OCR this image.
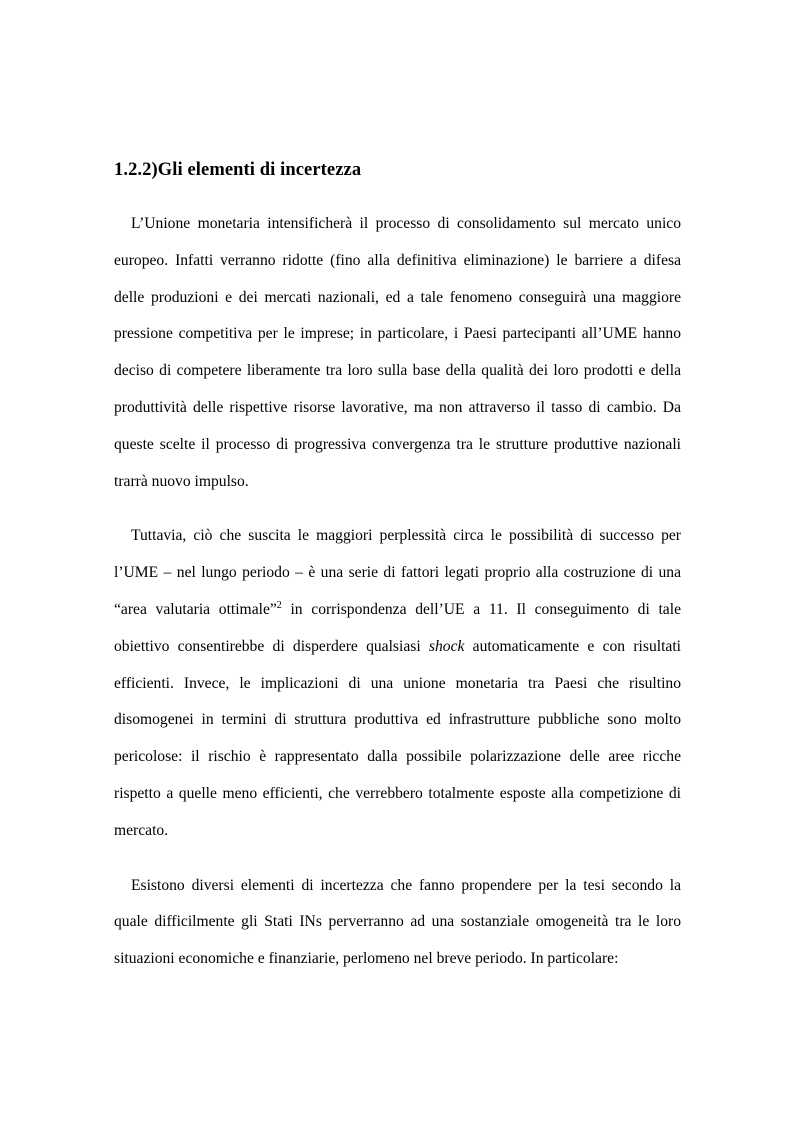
1.2.2)Gli elementi di incertezza

L’Unione monetaria intensificherà il processo di consolidamento sul mercato unico europeo. Infatti verranno ridotte (fino alla definitiva eliminazione) le barriere a difesa delle produzioni e dei mercati nazionali, ed a tale fenomeno conseguirà una maggiore pressione competitiva per le imprese; in particolare, i Paesi partecipanti all’UME hanno deciso di competere liberamente tra loro sulla base della qualità dei loro prodotti e della produttività delle rispettive risorse lavorative, ma non attraverso il tasso di cambio. Da queste scelte il processo di progressiva convergenza tra le strutture produttive nazionali trarrà nuovo impulso.

Tuttavia, ciò che suscita le maggiori perplessità circa le possibilità di successo per l’UME – nel lungo periodo – è una serie di fattori legati proprio alla costruzione di una “area valutaria ottimale”$^2$ in corrispondenza dell’UE a 11. Il conseguimento di tale obiettivo consentirebbe di disperdere qualsiasi shock automaticamente e con risultati efficienti. Invece, le implicazioni di una unione monetaria tra Paesi che risultino disomogenei in termini di struttura produttiva ed infrastrutture pubbliche sono molto pericolose: il rischio è rappresentato dalla possibile polarizzazione delle aree ricche rispetto a quelle meno efficienti, che verrebbero totalmente esposte alla competizione di mercato.

Esistono diversi elementi di incertezza che fanno propendere per la tesi secondo la quale difficilmente gli Stati INs perverranno ad una sostanziale omogeneità tra le loro situazioni economiche e finanziarie, perlomeno nel breve periodo. In particolare:
